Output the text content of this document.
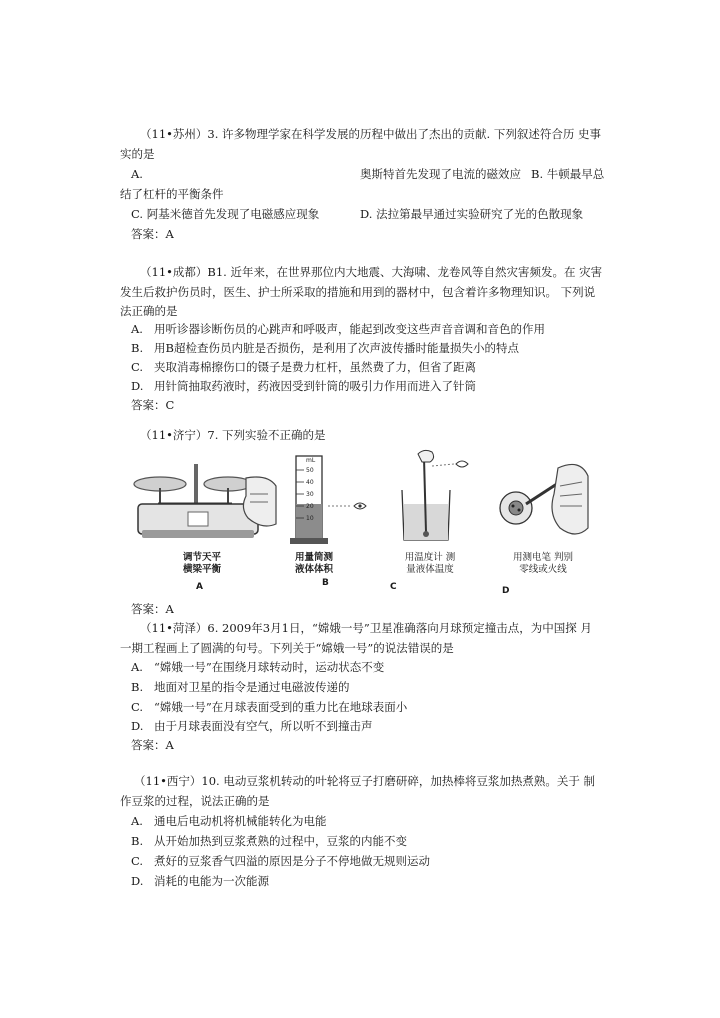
（11•苏州）3. 许多物理学家在科学发展的历程中做出了杰出的贡献. 下列叙述符合历 史事
实的是
A.	奥斯特首先发现了电流的磁效应 B. 牛顿最早总
结了杠杆的平衡条件
C. 阿基米德首先发现了电磁感应现象	D. 法拉第最早通过实验研究了光的色散现象
答案：A
（11•成都）B1. 近年来，在世界那位内大地震、大海啸、龙卷风等自然灾害频发。在 灾害
发生后救护伤员时，医生、护士所采取的措施和用到的器材中，包含着许多物理知识。 下列说
法正确的是
A. 用听诊器诊断伤员的心跳声和呼吸声，能起到改变这些声音音调和音色的作用
B. 用B超检查伤员内脏是否损伤，是利用了次声波传播时能量损失小的特点
C. 夹取消毒棉擦伤口的镊子是费力杠杆，虽然费了力，但省了距离
D. 用针筒抽取药液时，药液因受到针筒的吸引力作用而进入了针筒
答案：C
（11•济宁）7. 下列实验不正确的是
调节天平
横梁平衡
A
mL
50
40
30
20
10
用量筒测
液体体积
B
用温度计 测
量液体温度
C
用测电笔 判别
零线或火线
D
答案：A
（11•菏泽）6. 2009年3月1日，“嫦娥一号”卫星准确落向月球预定撞击点，为中国探 月
一期工程画上了圆满的句号。下列关于“嫦娥一号”的说法错误的是
A. “嫦娥一号”在围绕月球转动时，运动状态不变
B. 地面对卫星的指令是通过电磁波传递的
C. “嫦娥一号”在月球表面受到的重力比在地球表面小
D. 由于月球表面没有空气，所以听不到撞击声
答案：A
（11•西宁）10. 电动豆浆机转动的叶轮将豆子打磨研碎，加热棒将豆浆加热煮熟。关于 制
作豆浆的过程，说法正确的是
A. 通电后电动机将机械能转化为电能
B. 从开始加热到豆浆煮熟的过程中，豆浆的内能不变
C. 煮好的豆浆香气四溢的原因是分子不停地做无规则运动
D. 消耗的电能为一次能源
